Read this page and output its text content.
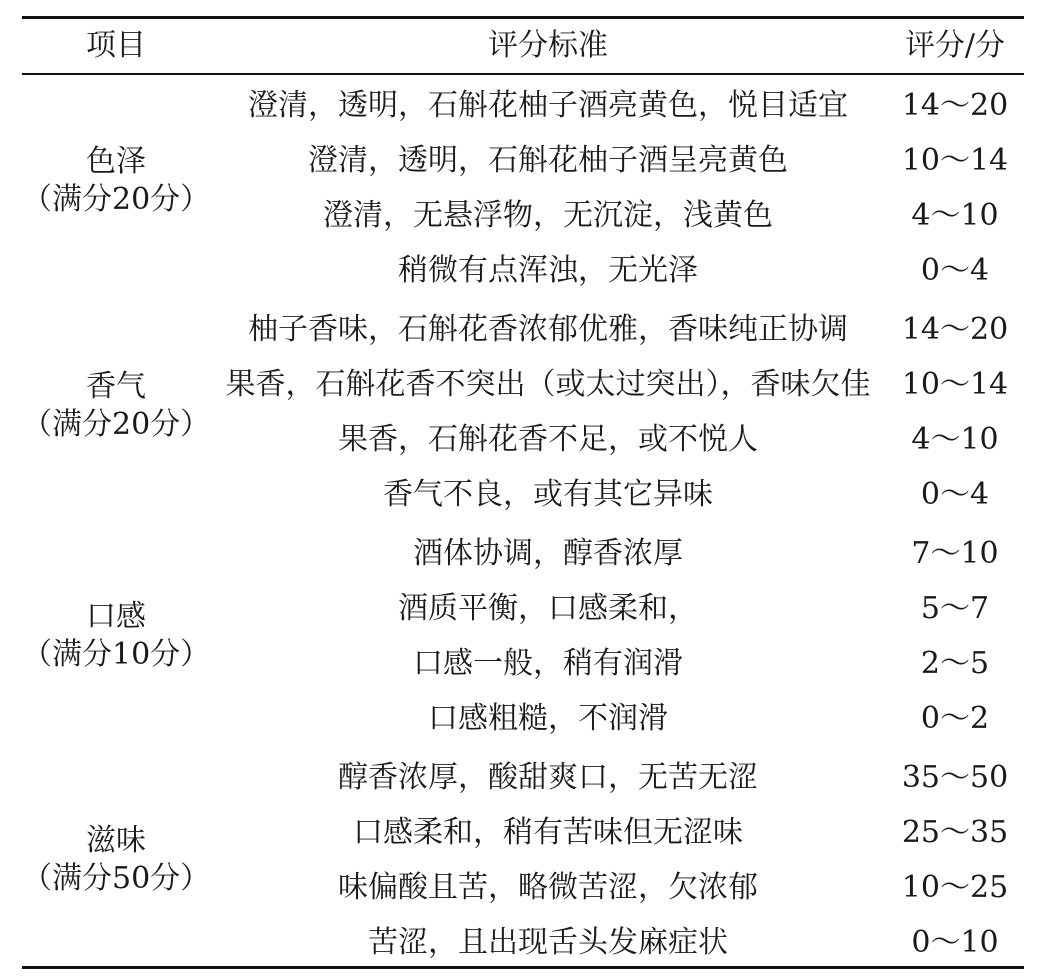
项目	评分标准	评分/分
色泽
（满分20分）
澄清，透明，石斛花柚子酒亮黄色，悦目适宜	14～20
澄清，透明，石斛花柚子酒呈亮黄色	10～14
澄清，无悬浮物，无沉淀，浅黄色	4～10
稍微有点浑浊，无光泽	0～4
香气
（满分20分）
柚子香味，石斛花香浓郁优雅，香味纯正协调	14～20
果香，石斛花香不突出（或太过突出），香味欠佳	10～14
果香，石斛花香不足，或不悦人	4～10
香气不良，或有其它异味	0～4
口感
（满分10分）
酒体协调，醇香浓厚	7～10
酒质平衡，口感柔和，	5～7
口感一般，稍有润滑	2～5
口感粗糙，不润滑	0～2
滋味
（满分50分）
醇香浓厚，酸甜爽口，无苦无涩	35～50
口感柔和，稍有苦味但无涩味	25～35
味偏酸且苦，略微苦涩，欠浓郁	10～25
苦涩，且出现舌头发麻症状	0～10
